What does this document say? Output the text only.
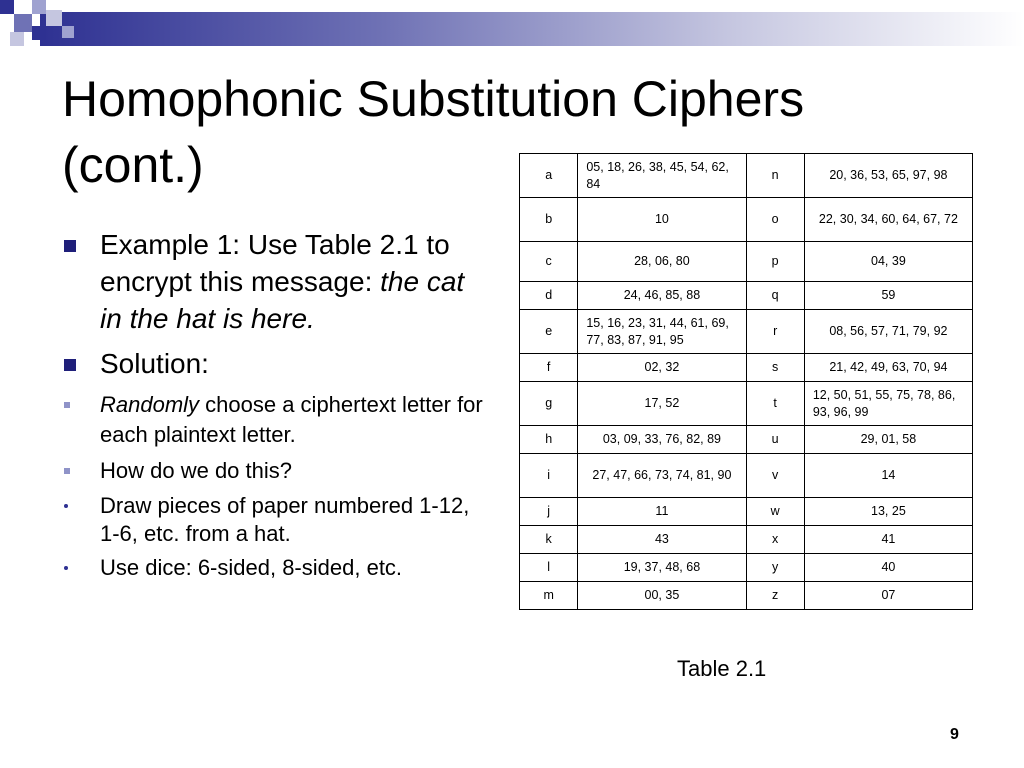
Homophonic Substitution Ciphers
(cont.)
Example 1: Use Table 2.1 to encrypt this message: the cat in the hat is here.
Solution:
Randomly choose a ciphertext letter for each plaintext letter.
How do we do this?
Draw pieces of paper numbered 1-12, 1-6, etc. from a hat.
Use dice: 6-sided, 8-sided, etc.
a	05, 18, 26, 38, 45, 54, 62, 84	n	20, 36, 53, 65, 97, 98
b	10	o	22, 30, 34, 60, 64, 67, 72
c	28, 06, 80	p	04, 39
d	24, 46, 85, 88	q	59
e	15, 16, 23, 31, 44, 61, 69, 77, 83, 87, 91, 95	r	08, 56, 57, 71, 79, 92
f	02, 32	s	21, 42, 49, 63, 70, 94
g	17, 52	t	12, 50, 51, 55, 75, 78, 86, 93, 96, 99
h	03, 09, 33, 76, 82, 89	u	29, 01, 58
i	27, 47, 66, 73, 74, 81, 90	v	14
j	11	w	13, 25
k	43	x	41
l	19, 37, 48, 68	y	40
m	00, 35	z	07
Table 2.1
9
